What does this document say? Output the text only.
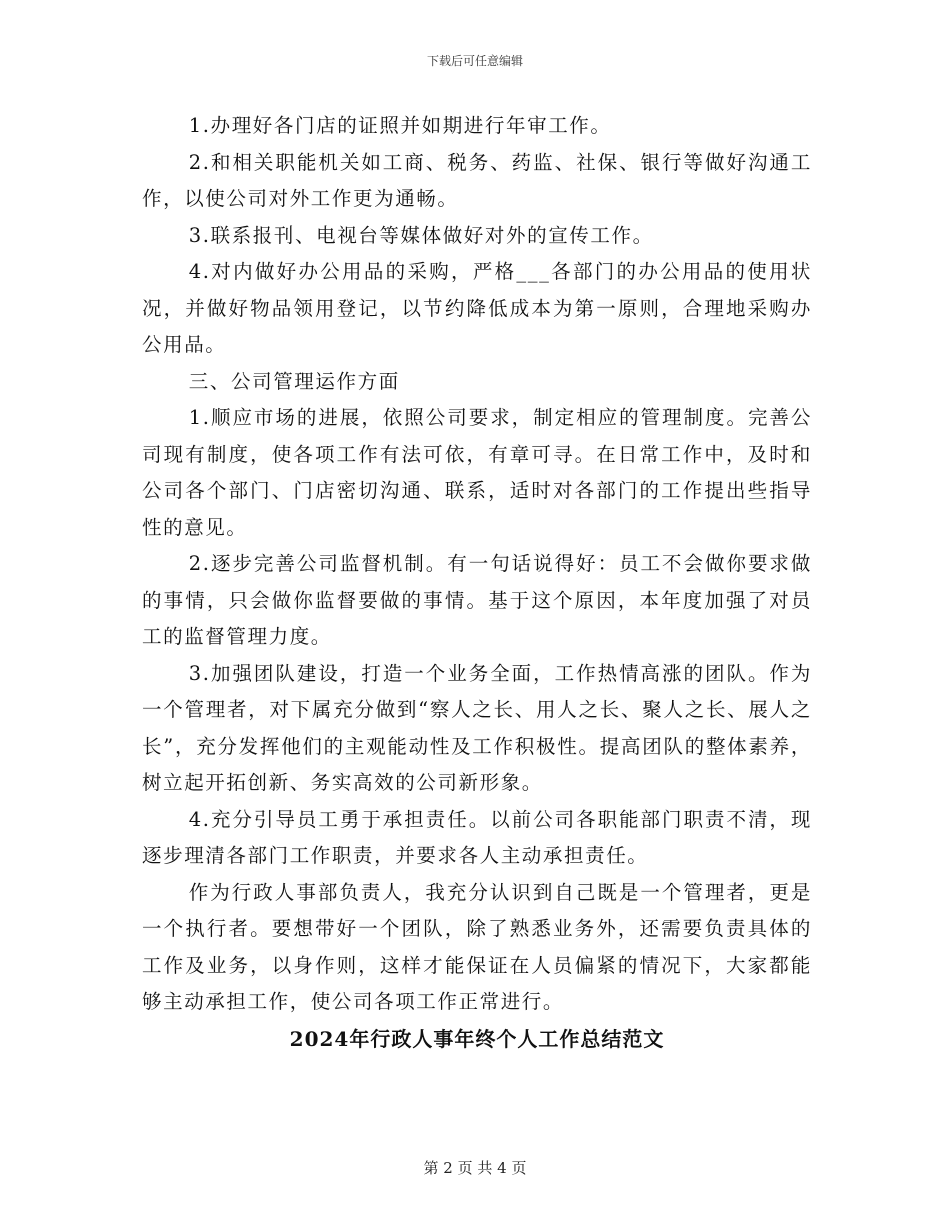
下载后可任意编辑

1.办理好各门店的证照并如期进行年审工作。

2.和相关职能机关如工商、税务、药监、社保、银行等做好沟通工作，以使公司对外工作更为通畅。

3.联系报刊、电视台等媒体做好对外的宣传工作。

4.对内做好办公用品的采购，严格___各部门的办公用品的使用状况，并做好物品领用登记，以节约降低成本为第一原则，合理地采购办公用品。

三、公司管理运作方面

1.顺应市场的进展，依照公司要求，制定相应的管理制度。完善公司现有制度，使各项工作有法可依，有章可寻。在日常工作中，及时和公司各个部门、门店密切沟通、联系，适时对各部门的工作提出些指导性的意见。

2.逐步完善公司监督机制。有一句话说得好：员工不会做你要求做的事情，只会做你监督要做的事情。基于这个原因，本年度加强了对员工的监督管理力度。

3.加强团队建设，打造一个业务全面，工作热情高涨的团队。作为一个管理者，对下属充分做到“察人之长、用人之长、聚人之长、展人之长”，充分发挥他们的主观能动性及工作积极性。提高团队的整体素养，树立起开拓创新、务实高效的公司新形象。

4.充分引导员工勇于承担责任。以前公司各职能部门职责不清，现逐步理清各部门工作职责，并要求各人主动承担责任。

作为行政人事部负责人，我充分认识到自己既是一个管理者，更是一个执行者。要想带好一个团队，除了熟悉业务外，还需要负责具体的工作及业务，以身作则，这样才能保证在人员偏紧的情况下，大家都能够主动承担工作，使公司各项工作正常进行。

2024年行政人事年终个人工作总结范文

第 2 页 共 4 页
